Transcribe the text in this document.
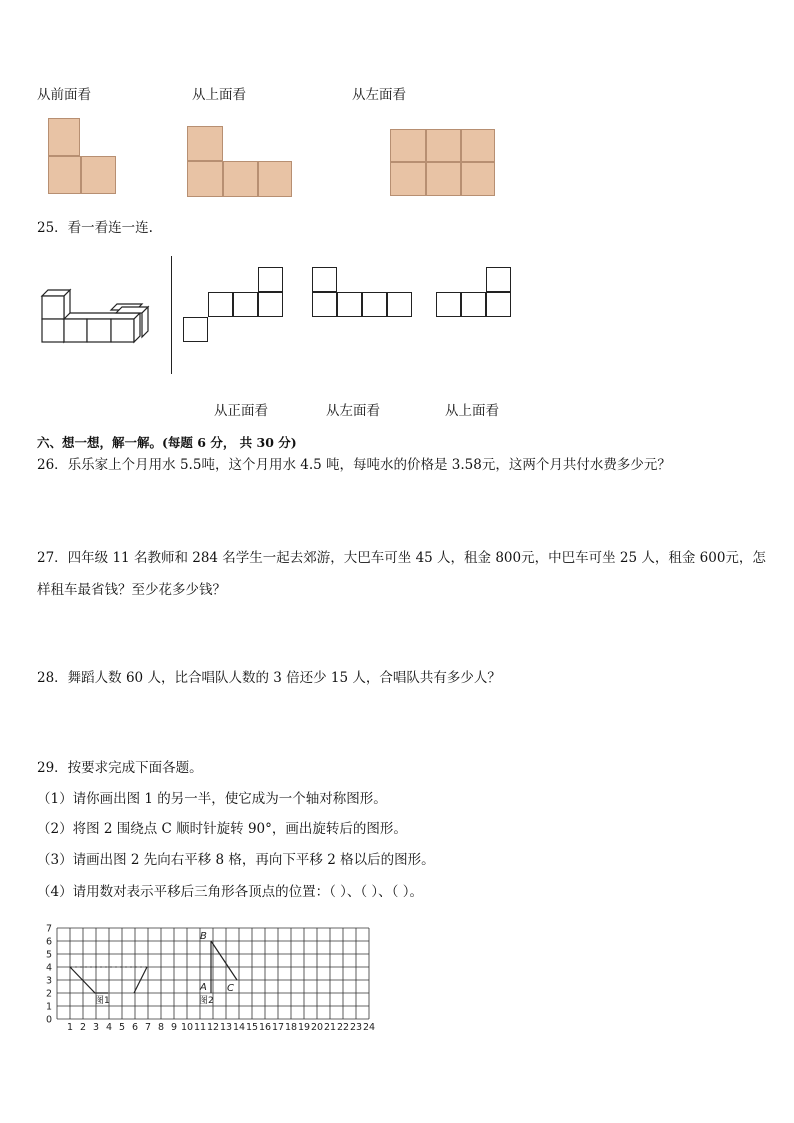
从前面看	从上面看	从左面看
25．看一看连一连.
从正面看	从左面看	从上面看
六、想一想，解一解。(每题 6 分， 共 30 分)
26．乐乐家上个月用水 5.5吨，这个月用水 4.5 吨，每吨水的价格是 3.58元，这两个月共付水费多少元？
27．四年级 11 名教师和 284 名学生一起去郊游，大巴车可坐 45 人，租金 800元，中巴车可坐 25 人，租金 600元，怎
样租车最省钱？至少花多少钱？
28．舞蹈人数 60 人，比合唱队人数的 3 倍还少 15 人，合唱队共有多少人？
29．按要求完成下面各题。
（1）请你画出图 1 的另一半，使它成为一个轴对称图形。
（2）将图 2 围绕点 C 顺时针旋转 90°，画出旋转后的图形。
（3）请画出图 2 先向右平移 8 格，再向下平移 2 格以后的图形。
（4）请用数对表示平移后三角形各顶点的位置：（ ）、（ ）、（ ）。
1 2 3 4 5 6 7 8 9 10 11 12 13 14 15 16 17 18 19 20 21 22 23 24
0
1
2
3
4
5
6
7
B
A C
图1	图2
